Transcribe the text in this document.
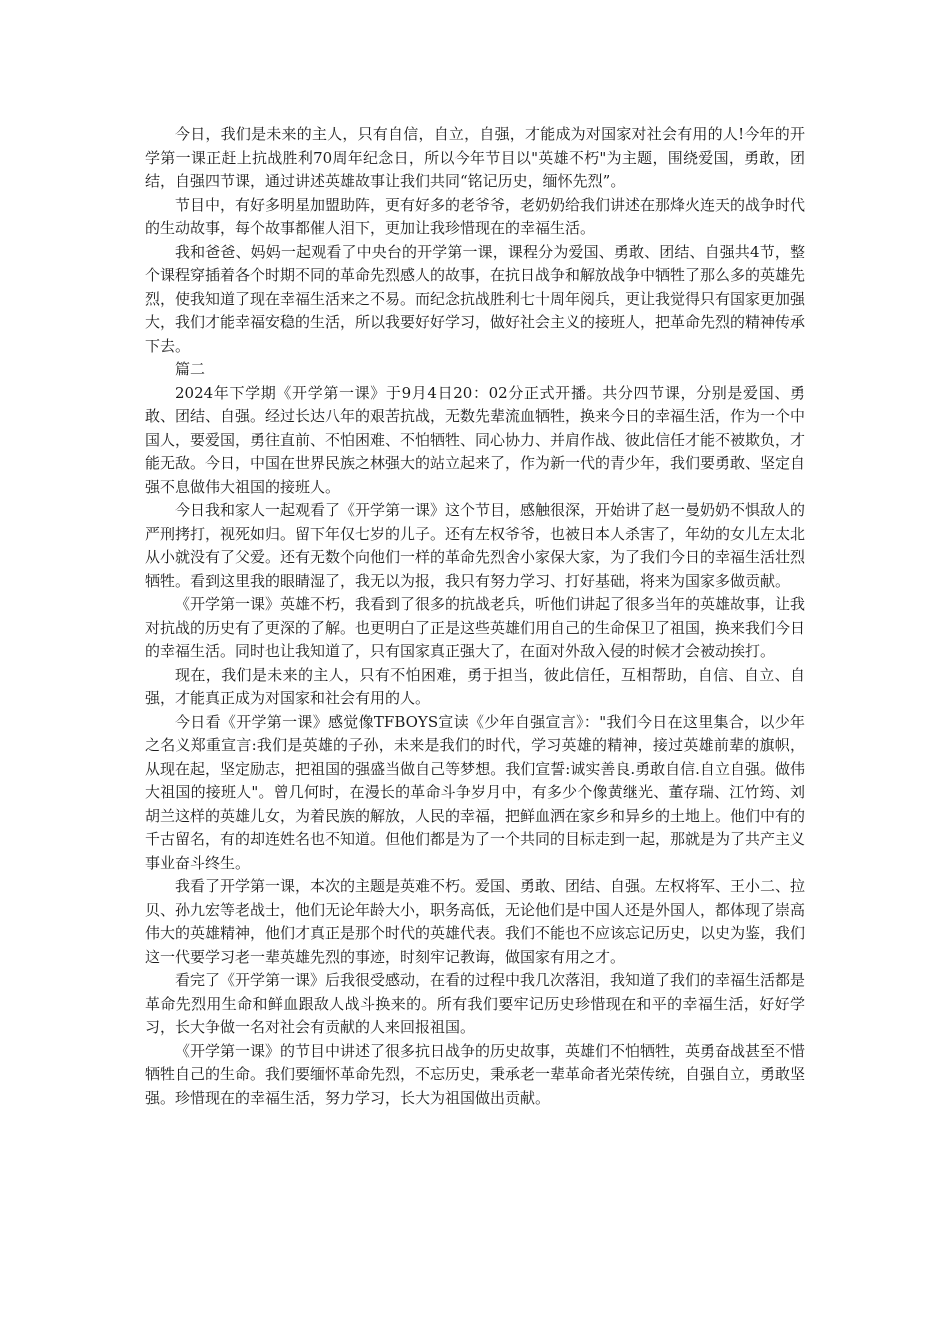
今日，我们是未来的主人，只有自信，自立，自强，才能成为对国家对社会有用的人!今年的开学第一课正赶上抗战胜利70周年纪念日，所以今年节目以"英雄不朽"为主题，围绕爱国，勇敢，团结，自强四节课，通过讲述英雄故事让我们共同“铭记历史，缅怀先烈”。

节目中，有好多明星加盟助阵，更有好多的老爷爷，老奶奶给我们讲述在那烽火连天的战争时代的生动故事，每个故事都催人泪下，更加让我珍惜现在的幸福生活。

我和爸爸、妈妈一起观看了中央台的开学第一课，课程分为爱国、勇敢、团结、自强共4节，整个课程穿插着各个时期不同的革命先烈感人的故事，在抗日战争和解放战争中牺牲了那么多的英雄先烈，使我知道了现在幸福生活来之不易。而纪念抗战胜利七十周年阅兵，更让我觉得只有国家更加强大，我们才能幸福安稳的生活，所以我要好好学习，做好社会主义的接班人，把革命先烈的精神传承下去。

篇二

2024年下学期《开学第一课》于9月4日20：02分正式开播。共分四节课，分别是爱国、勇敢、团结、自强。经过长达八年的艰苦抗战，无数先辈流血牺牲，换来今日的幸福生活，作为一个中国人，要爱国，勇往直前、不怕困难、不怕牺牲、同心协力、并肩作战、彼此信任才能不被欺负，才能无敌。今日，中国在世界民族之林强大的站立起来了，作为新一代的青少年，我们要勇敢、坚定自强不息做伟大祖国的接班人。

今日我和家人一起观看了《开学第一课》这个节目，感触很深，开始讲了赵一曼奶奶不惧敌人的严刑拷打，视死如归。留下年仅七岁的儿子。还有左权爷爷，也被日本人杀害了，年幼的女儿左太北从小就没有了父爱。还有无数个向他们一样的革命先烈舍小家保大家，为了我们今日的幸福生活壮烈牺牲。看到这里我的眼睛湿了，我无以为报，我只有努力学习、打好基础，将来为国家多做贡献。

《开学第一课》英雄不朽，我看到了很多的抗战老兵，听他们讲起了很多当年的英雄故事，让我对抗战的历史有了更深的了解。也更明白了正是这些英雄们用自己的生命保卫了祖国，换来我们今日的幸福生活。同时也让我知道了，只有国家真正强大了，在面对外敌入侵的时候才会被动挨打。

现在，我们是未来的主人，只有不怕困难，勇于担当，彼此信任，互相帮助，自信、自立、自强，才能真正成为对国家和社会有用的人。

今日看《开学第一课》感觉像TFBOYS宣读《少年自强宣言》："我们今日在这里集合，以少年之名义郑重宣言:我们是英雄的子孙，未来是我们的时代，学习英雄的精神，接过英雄前辈的旗帜，从现在起，坚定励志，把祖国的强盛当做自己等梦想。我们宣誓:诚实善良.勇敢自信.自立自强。做伟大祖国的接班人"。曾几何时，在漫长的革命斗争岁月中，有多少个像黄继光、董存瑞、江竹筠、刘胡兰这样的英雄儿女，为着民族的解放，人民的幸福，把鲜血洒在家乡和异乡的土地上。他们中有的千古留名，有的却连姓名也不知道。但他们都是为了一个共同的目标走到一起，那就是为了共产主义事业奋斗终生。

我看了开学第一课，本次的主题是英难不朽。爱国、勇敢、团结、自强。左权将军、王小二、拉贝、孙九宏等老战士，他们无论年龄大小，职务高低，无论他们是中国人还是外国人，都体现了崇高伟大的英雄精神，他们才真正是那个时代的英雄代表。我们不能也不应该忘记历史，以史为鉴，我们这一代要学习老一辈英雄先烈的事迹，时刻牢记教诲，做国家有用之才。

看完了《开学第一课》后我很受感动，在看的过程中我几次落泪，我知道了我们的幸福生活都是革命先烈用生命和鲜血跟敌人战斗换来的。所有我们要牢记历史珍惜现在和平的幸福生活，好好学习，长大争做一名对社会有贡献的人来回报祖国。

《开学第一课》的节目中讲述了很多抗日战争的历史故事，英雄们不怕牺牲，英勇奋战甚至不惜牺牲自己的生命。我们要缅怀革命先烈，不忘历史，秉承老一辈革命者光荣传统，自强自立，勇敢坚强。珍惜现在的幸福生活，努力学习，长大为祖国做出贡献。
